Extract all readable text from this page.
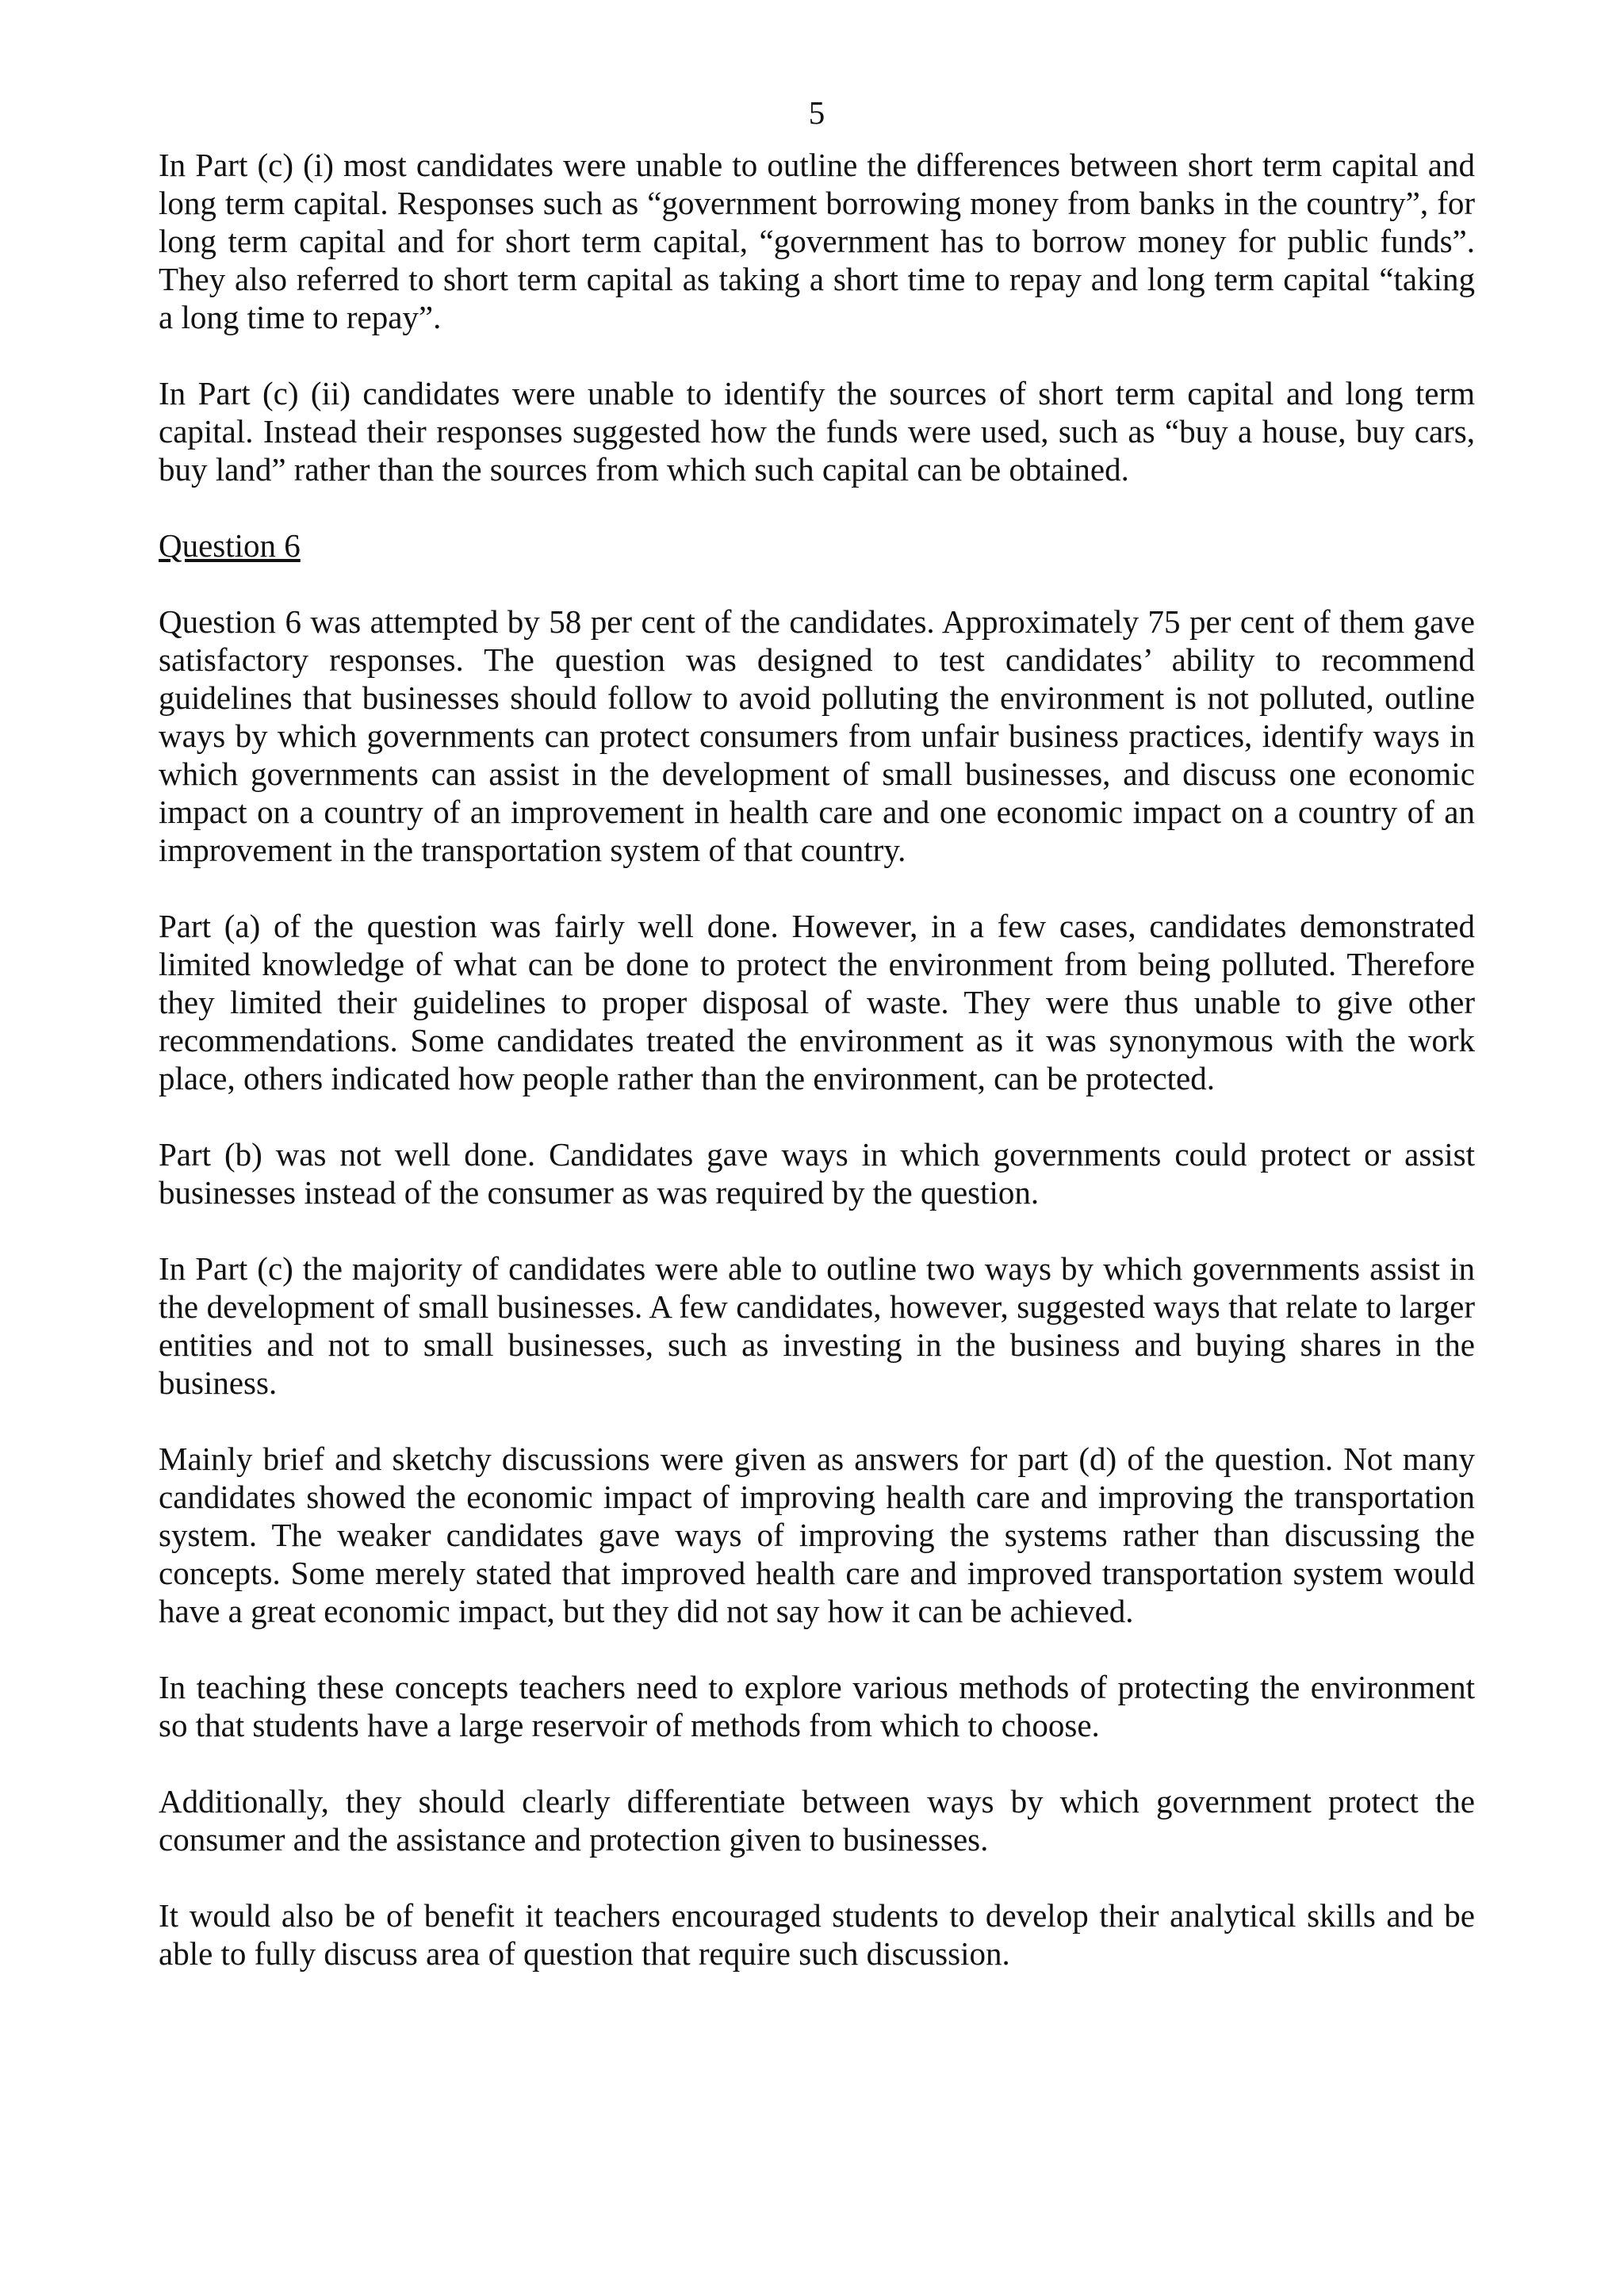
5

In Part (c) (i) most candidates were unable to outline the differences between short term capital and long term capital. Responses such as “government borrowing money from banks in the country”, for long term capital and for short term capital, “government has to borrow money for public funds”. They also referred to short term capital as taking a short time to repay and long term capital “taking a long time to repay”.

In Part (c) (ii) candidates were unable to identify the sources of short term capital and long term capital. Instead their responses suggested how the funds were used, such as “buy a house, buy cars, buy land” rather than the sources from which such capital can be obtained.

Question 6

Question 6 was attempted by 58 per cent of the candidates. Approximately 75 per cent of them gave satisfactory responses. The question was designed to test candidates’ ability to recommend guidelines that businesses should follow to avoid polluting the environment is not polluted, outline ways by which governments can protect consumers from unfair business practices, identify ways in which governments can assist in the development of small businesses, and discuss one economic impact on a country of an improvement in health care and one economic impact on a country of an improvement in the transportation system of that country.

Part (a) of the question was fairly well done. However, in a few cases, candidates demonstrated limited knowledge of what can be done to protect the environment from being polluted. Therefore they limited their guidelines to proper disposal of waste. They were thus unable to give other recommendations. Some candidates treated the environment as it was synonymous with the work place, others indicated how people rather than the environment, can be protected.

Part (b) was not well done. Candidates gave ways in which governments could protect or assist businesses instead of the consumer as was required by the question.

In Part (c) the majority of candidates were able to outline two ways by which governments assist in the development of small businesses. A few candidates, however, suggested ways that relate to larger entities and not to small businesses, such as investing in the business and buying shares in the business.

Mainly brief and sketchy discussions were given as answers for part (d) of the question. Not many candidates showed the economic impact of improving health care and improving the transportation system. The weaker candidates gave ways of improving the systems rather than discussing the concepts. Some merely stated that improved health care and improved transportation system would have a great economic impact, but they did not say how it can be achieved.

In teaching these concepts teachers need to explore various methods of protecting the environment so that students have a large reservoir of methods from which to choose.

Additionally, they should clearly differentiate between ways by which government protect the consumer and the assistance and protection given to businesses.

It would also be of benefit it teachers encouraged students to develop their analytical skills and be able to fully discuss area of question that require such discussion.
